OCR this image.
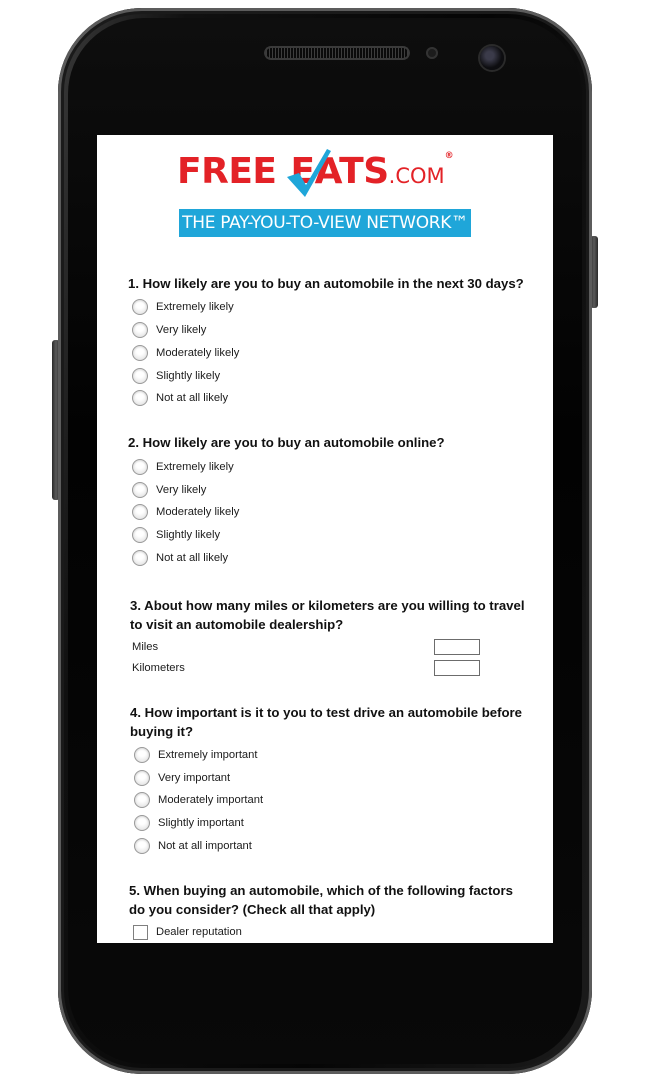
FREE EATS.COM®
THE PAY-YOU-TO-VIEW NETWORK™
1. How likely are you to buy an automobile in the next 30 days?
Extremely likely
Very likely
Moderately likely
Slightly likely
Not at all likely
2. How likely are you to buy an automobile online?
Extremely likely
Very likely
Moderately likely
Slightly likely
Not at all likely
3. About how many miles or kilometers are you willing to travel to visit an automobile dealership?
Miles
Kilometers
4. How important is it to you to test drive an automobile before buying it?
Extremely important
Very important
Moderately important
Slightly important
Not at all important
5. When buying an automobile, which of the following factors do you consider? (Check all that apply)
Dealer reputation
